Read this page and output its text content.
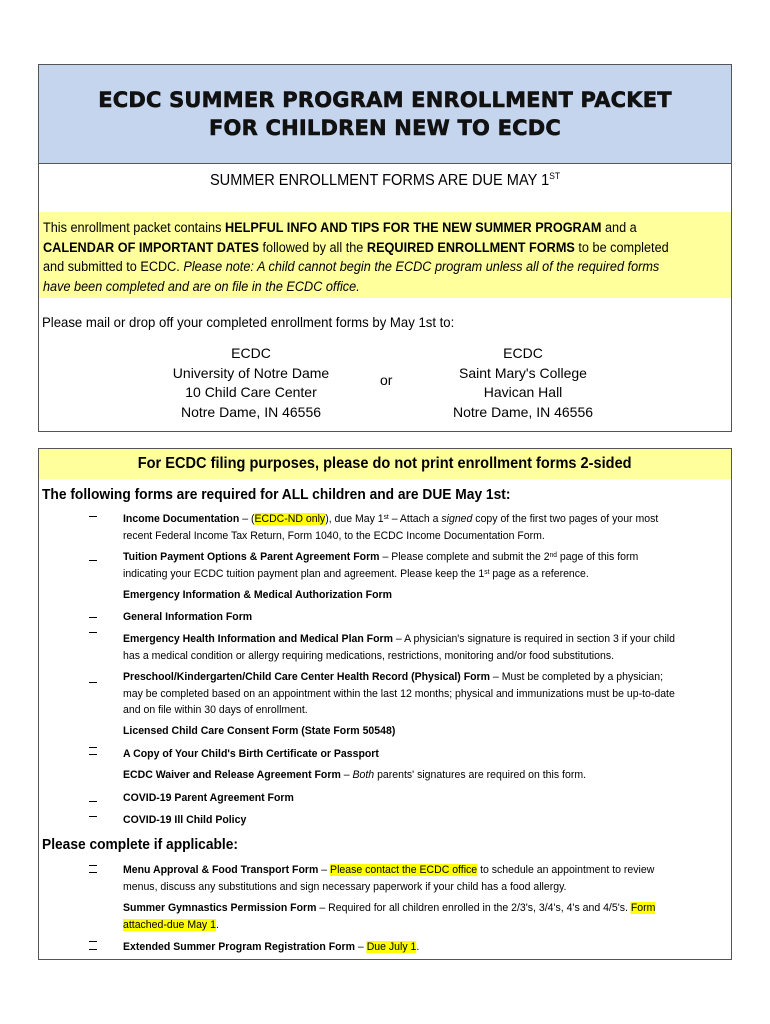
ECDC SUMMER PROGRAM ENROLLMENT PACKET
FOR CHILDREN NEW TO ECDC
SUMMER ENROLLMENT FORMS ARE DUE MAY 1ST
This enrollment packet contains HELPFUL INFO AND TIPS FOR THE NEW SUMMER PROGRAM and a
CALENDAR OF IMPORTANT DATES followed by all the REQUIRED ENROLLMENT FORMS to be completed
and submitted to ECDC. Please note: A child cannot begin the ECDC program unless all of the required forms
have been completed and are on file in the ECDC office.
Please mail or drop off your completed enrollment forms by May 1st to:
ECDC
University of Notre Dame
10 Child Care Center
Notre Dame, IN 46556
or
ECDC
Saint Mary's College
Havican Hall
Notre Dame, IN 46556
For ECDC filing purposes, please do not print enrollment forms 2-sided
The following forms are required for ALL children and are DUE May 1st:
Income Documentation – (ECDC-ND only), due May 1st – Attach a signed copy of the first two pages of your most recent Federal Income Tax Return, Form 1040, to the ECDC Income Documentation Form.
Tuition Payment Options & Parent Agreement Form – Please complete and submit the 2nd page of this form indicating your ECDC tuition payment plan and agreement. Please keep the 1st page as a reference.
Emergency Information & Medical Authorization Form
General Information Form
Emergency Health Information and Medical Plan Form – A physician's signature is required in section 3 if your child has a medical condition or allergy requiring medications, restrictions, monitoring and/or food substitutions.
Preschool/Kindergarten/Child Care Center Health Record (Physical) Form – Must be completed by a physician; may be completed based on an appointment within the last 12 months; physical and immunizations must be up-to-date and on file within 30 days of enrollment.
Licensed Child Care Consent Form (State Form 50548)
A Copy of Your Child's Birth Certificate or Passport
ECDC Waiver and Release Agreement Form – Both parents' signatures are required on this form.
COVID-19 Parent Agreement Form
COVID-19 Ill Child Policy
Please complete if applicable:
Menu Approval & Food Transport Form – Please contact the ECDC office to schedule an appointment to review menus, discuss any substitutions and sign necessary paperwork if your child has a food allergy.
Summer Gymnastics Permission Form – Required for all children enrolled in the 2/3's, 3/4's, 4's and 4/5's. Form attached-due May 1.
Extended Summer Program Registration Form – Due July 1.
